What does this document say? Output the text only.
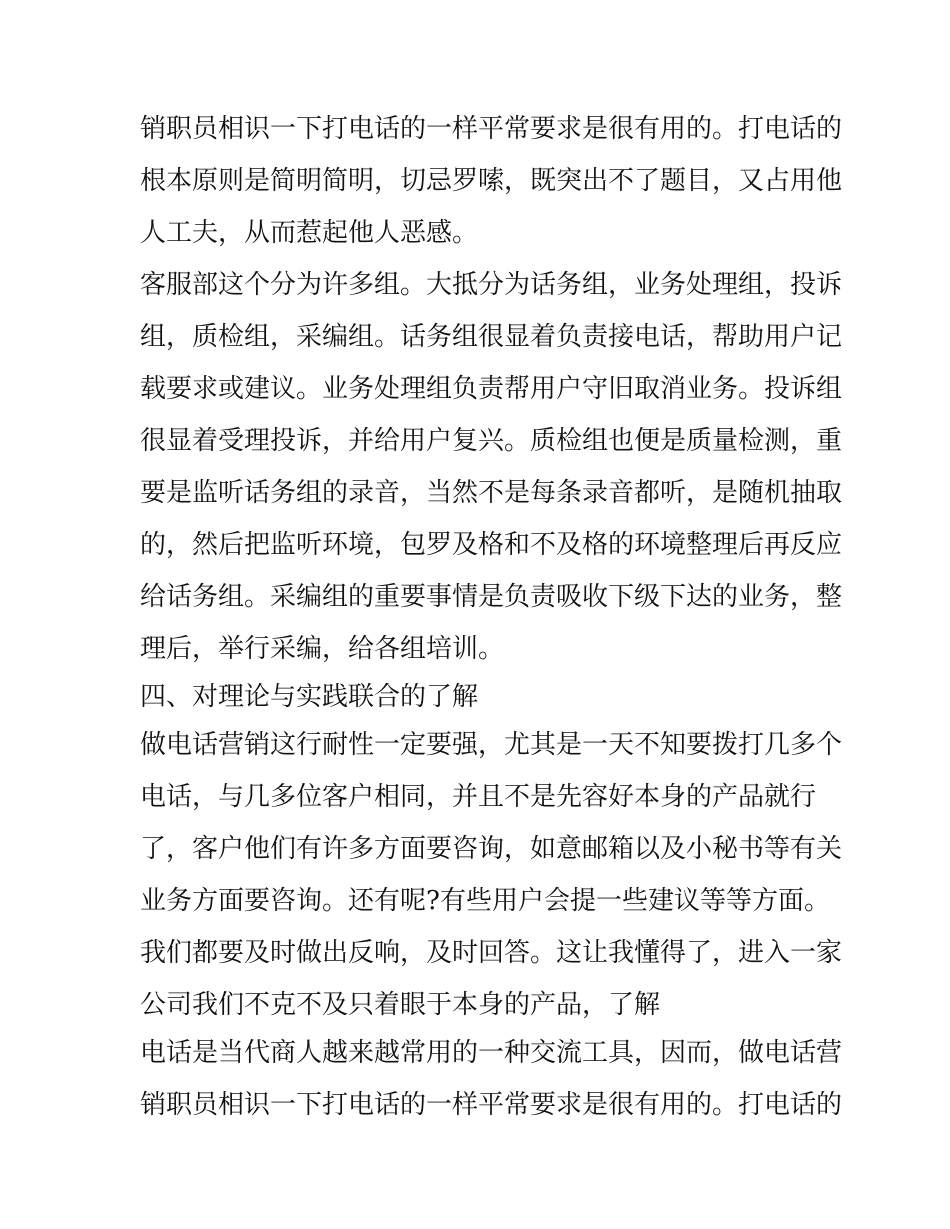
销职员相识一下打电话的一样平常要求是很有用的。打电话的
根本原则是简明简明，切忌罗嗦，既突出不了题目，又占用他
人工夫，从而惹起他人恶感。
客服部这个分为许多组。大抵分为话务组，业务处理组，投诉
组，质检组，采编组。话务组很显着负责接电话，帮助用户记
载要求或建议。业务处理组负责帮用户守旧取消业务。投诉组
很显着受理投诉，并给用户复兴。质检组也便是质量检测，重
要是监听话务组的录音，当然不是每条录音都听，是随机抽取
的，然后把监听环境，包罗及格和不及格的环境整理后再反应
给话务组。采编组的重要事情是负责吸收下级下达的业务，整
理后，举行采编，给各组培训。
四、对理论与实践联合的了解
做电话营销这行耐性一定要强，尤其是一天不知要拨打几多个
电话，与几多位客户相同，并且不是先容好本身的产品就行
了，客户他们有许多方面要咨询，如意邮箱以及小秘书等有关
业务方面要咨询。还有呢?有些用户会提一些建议等等方面。
我们都要及时做出反响，及时回答。这让我懂得了，进入一家
公司我们不克不及只着眼于本身的产品，了解
电话是当代商人越来越常用的一种交流工具，因而，做电话营
销职员相识一下打电话的一样平常要求是很有用的。打电话的
